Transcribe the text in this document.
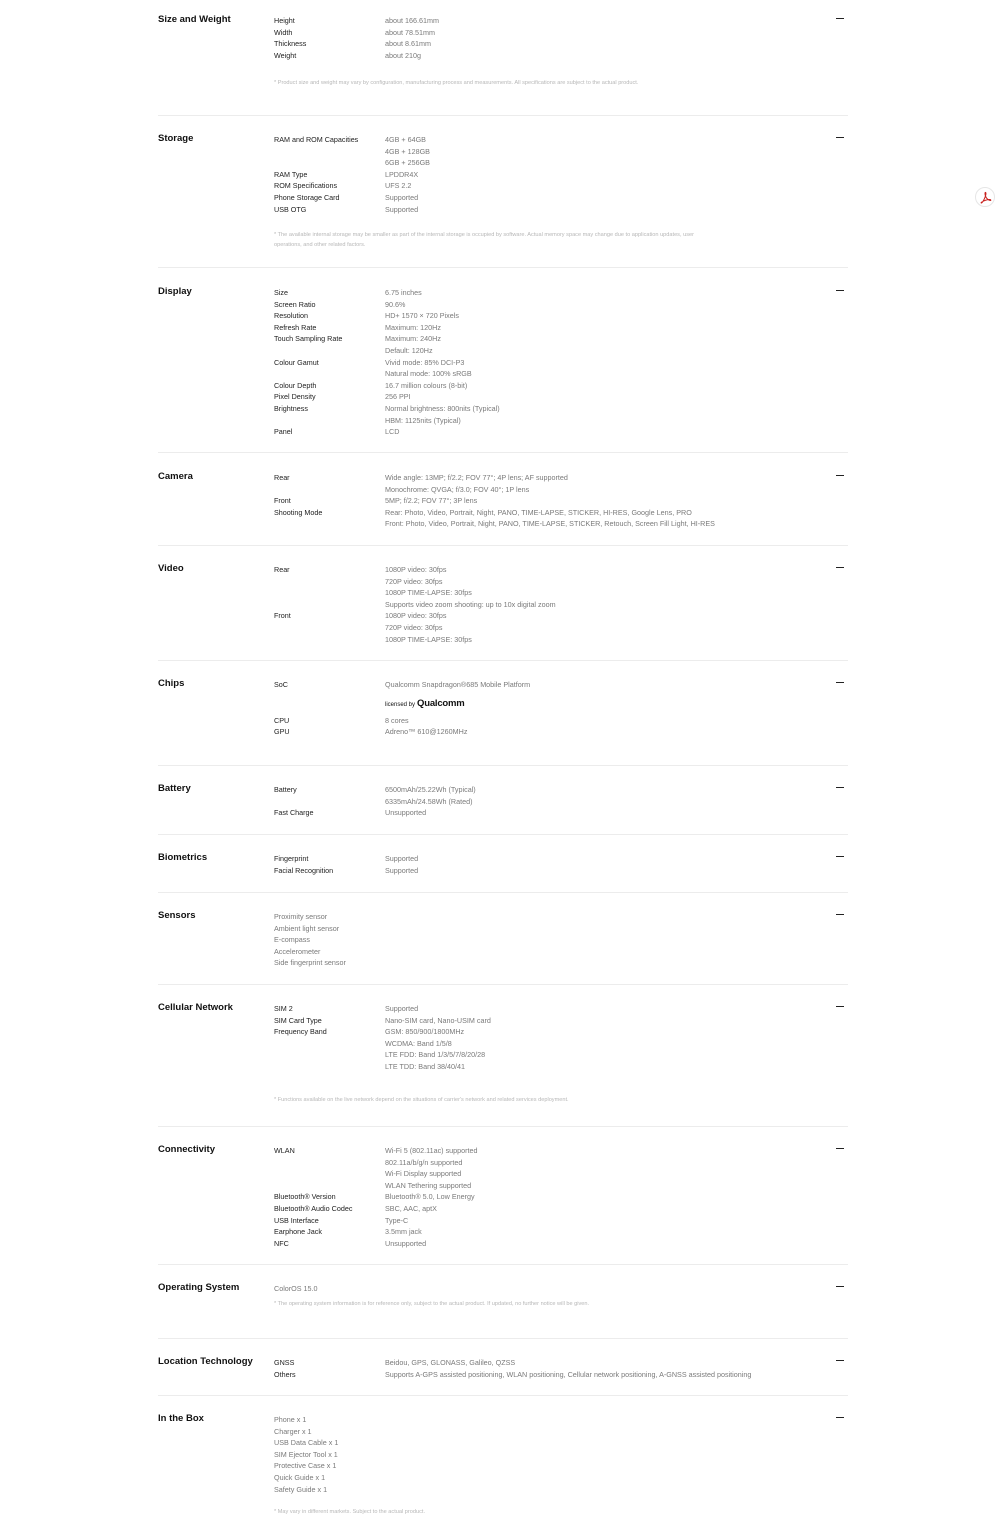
Size and Weight	Height	about 166.61mm
Width	about 78.51mm
Thickness	about 8.61mm
Weight	about 210g
* Product size and weight may vary by configuration, manufacturing process and measurements. All specifications are subject to the actual product.
Storage	RAM and ROM Capacities	4GB + 64GB
4GB + 128GB
6GB + 256GB
RAM Type	LPDDR4X
ROM Specifications	UFS 2.2
Phone Storage Card	Supported
USB OTG	Supported
* The available internal storage may be smaller as part of the internal storage is occupied by software. Actual memory space may change due to application updates, user operations, and other related factors.
Display	Size	6.75 inches
Screen Ratio	90.6%
Resolution	HD+ 1570 × 720 Pixels
Refresh Rate	Maximum: 120Hz
Touch Sampling Rate	Maximum: 240Hz
Default: 120Hz
Colour Gamut	Vivid mode: 85% DCI-P3
Natural mode: 100% sRGB
Colour Depth	16.7 million colours (8-bit)
Pixel Density	256 PPI
Brightness	Normal brightness: 800nits (Typical)
HBM: 1125nits (Typical)
Panel	LCD
Camera	Rear	Wide angle: 13MP; f/2.2; FOV 77°; 4P lens; AF supported
Monochrome: QVGA; f/3.0; FOV 40°; 1P lens
Front	5MP; f/2.2; FOV 77°; 3P lens
Shooting Mode	Rear: Photo, Video, Portrait, Night, PANO, TIME-LAPSE, STICKER, HI-RES, Google Lens, PRO
Front: Photo, Video, Portrait, Night, PANO, TIME-LAPSE, STICKER, Retouch, Screen Fill Light, HI-RES
Video	Rear	1080P video: 30fps
720P video: 30fps
1080P TIME-LAPSE: 30fps
Supports video zoom shooting: up to 10x digital zoom
Front	1080P video: 30fps
720P video: 30fps
1080P TIME-LAPSE: 30fps
Chips	SoC	Qualcomm Snapdragon®685 Mobile Platform
licensed by Qualcomm
CPU	8 cores
GPU	Adreno™ 610@1260MHz
Battery	Battery	6500mAh/25.22Wh (Typical)
6335mAh/24.58Wh (Rated)
Fast Charge	Unsupported
Biometrics	Fingerprint	Supported
Facial Recognition	Supported
Sensors	Proximity sensor
Ambient light sensor
E-compass
Accelerometer
Side fingerprint sensor
Cellular Network	SIM 2	Supported
SIM Card Type	Nano-SIM card, Nano-USIM card
Frequency Band	GSM: 850/900/1800MHz
WCDMA: Band 1/5/8
LTE FDD: Band 1/3/5/7/8/20/28
LTE TDD: Band 38/40/41
* Functions available on the live network depend on the situations of carrier's network and related services deployment.
Connectivity	WLAN	Wi-Fi 5 (802.11ac) supported
802.11a/b/g/n supported
Wi-Fi Display supported
WLAN Tethering supported
Bluetooth® Version	Bluetooth® 5.0, Low Energy
Bluetooth® Audio Codec	SBC, AAC, aptX
USB Interface	Type-C
Earphone Jack	3.5mm jack
NFC	Unsupported
Operating System	ColorOS 15.0
* The operating system information is for reference only, subject to the actual product. If updated, no further notice will be given.
Location Technology	GNSS	Beidou, GPS, GLONASS, Galileo, QZSS
Others	Supports A-GPS assisted positioning, WLAN positioning, Cellular network positioning, A-GNSS assisted positioning
In the Box	Phone x 1
Charger x 1
USB Data Cable x 1
SIM Ejector Tool x 1
Protective Case x 1
Quick Guide x 1
Safety Guide x 1
* May vary in different markets. Subject to the actual product.
